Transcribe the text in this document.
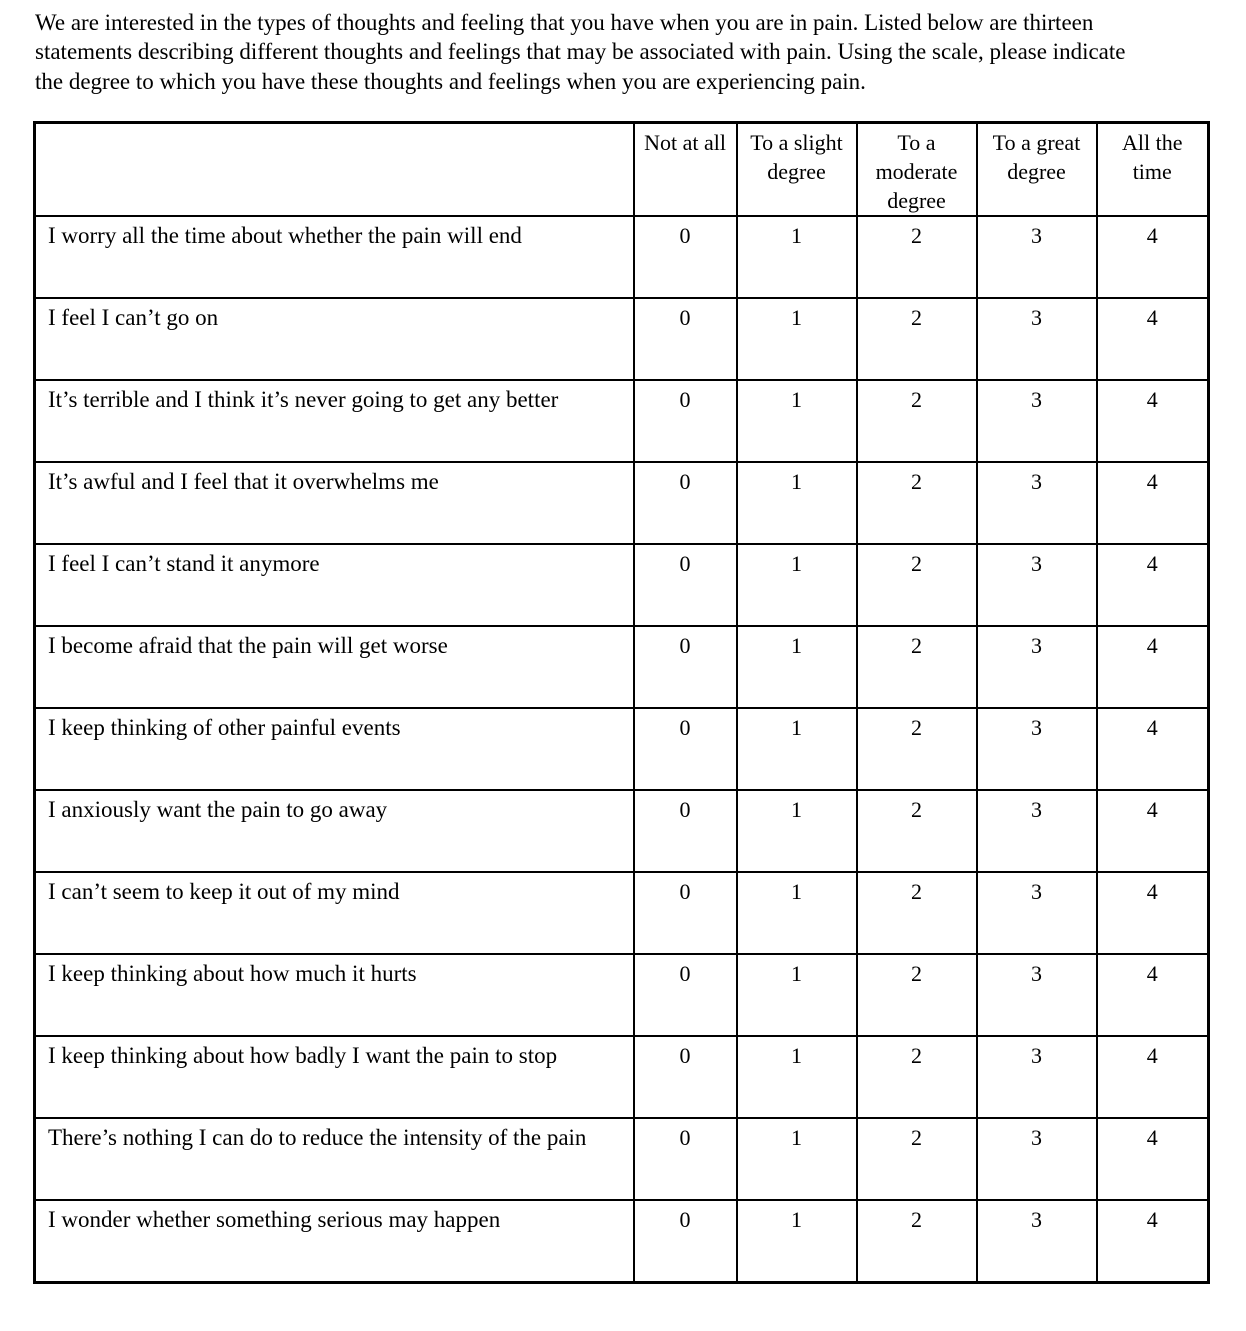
We are interested in the types of thoughts and feeling that you have when you are in pain. Listed below are thirteen statements describing different thoughts and feelings that may be associated with pain. Using the scale, please indicate the degree to which you have these thoughts and feelings when you are experiencing pain.

	Not at all	To a slight degree	To a moderate degree	To a great degree	All the time
I worry all the time about whether the pain will end	0	1	2	3	4
I feel I can’t go on	0	1	2	3	4
It’s terrible and I think it’s never going to get any better	0	1	2	3	4
It’s awful and I feel that it overwhelms me	0	1	2	3	4
I feel I can’t stand it anymore	0	1	2	3	4
I become afraid that the pain will get worse	0	1	2	3	4
I keep thinking of other painful events	0	1	2	3	4
I anxiously want the pain to go away	0	1	2	3	4
I can’t seem to keep it out of my mind	0	1	2	3	4
I keep thinking about how much it hurts	0	1	2	3	4
I keep thinking about how badly I want the pain to stop	0	1	2	3	4
There’s nothing I can do to reduce the intensity of the pain	0	1	2	3	4
I wonder whether something serious may happen	0	1	2	3	4
